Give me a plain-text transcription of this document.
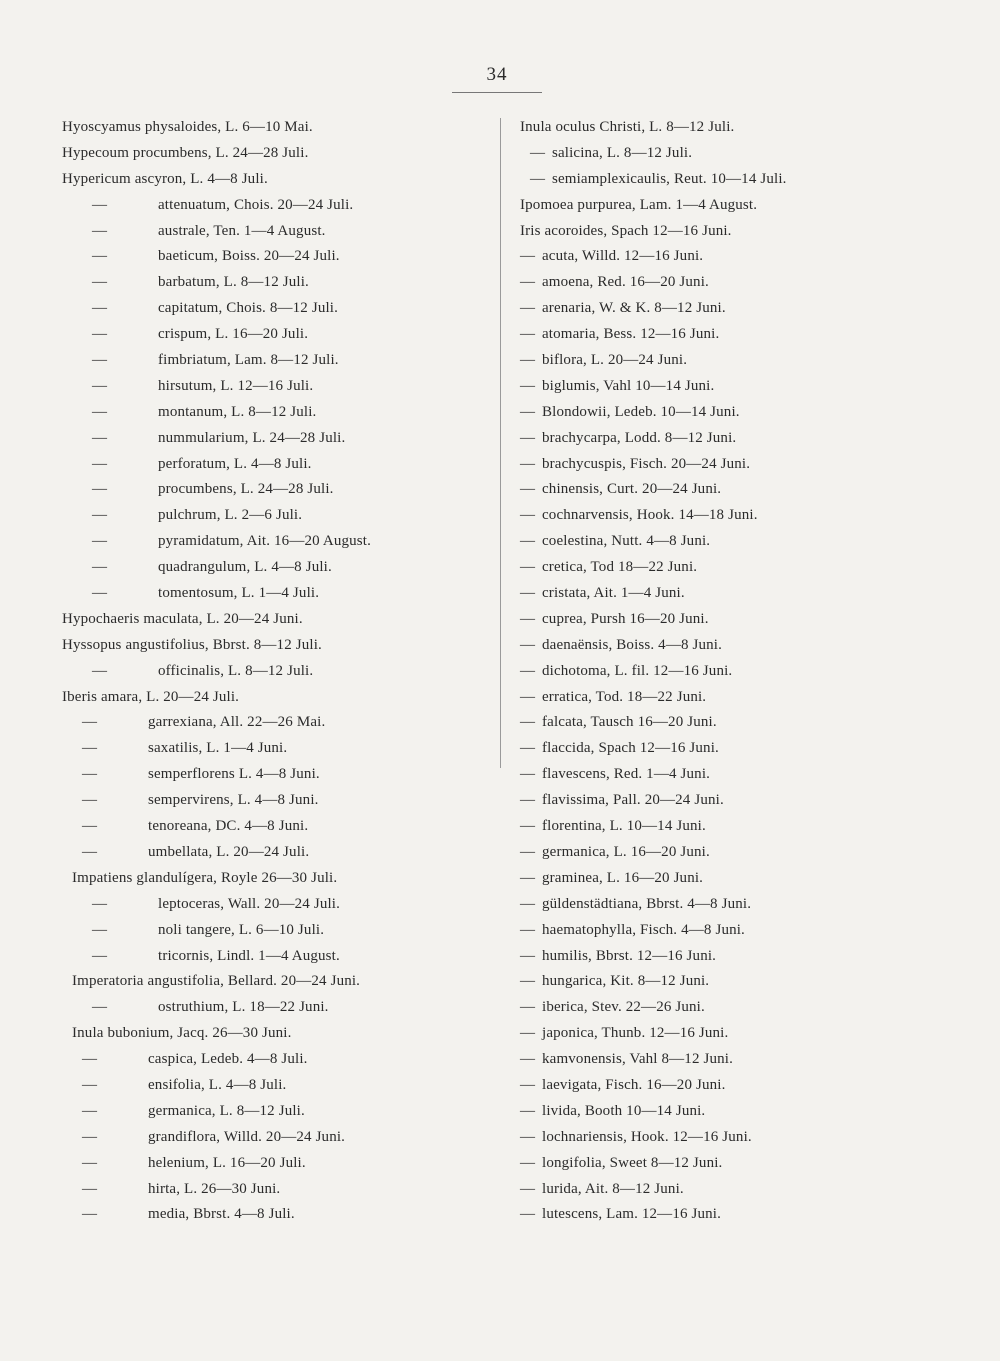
34
Hyoscyamus physaloides, L. 6—10 Mai.
Hypecoum procumbens, L. 24—28 Juli.
Hypericum ascyron, L. 4—8 Juli.
—	attenuatum, Chois. 20—24 Juli.
—	australe, Ten. 1—4 August.
—	baeticum, Boiss. 20—24 Juli.
—	barbatum, L. 8—12 Juli.
—	capitatum, Chois. 8—12 Juli.
—	crispum, L. 16—20 Juli.
—	fimbriatum, Lam. 8—12 Juli.
—	hirsutum, L. 12—16 Juli.
—	montanum, L. 8—12 Juli.
—	nummularium, L. 24—28 Juli.
—	perforatum, L. 4—8 Juli.
—	procumbens, L. 24—28 Juli.
—	pulchrum, L. 2—6 Juli.
—	pyramidatum, Ait. 16—20 August.
—	quadrangulum, L. 4—8 Juli.
—	tomentosum, L. 1—4 Juli.
Hypochaeris maculata, L. 20—24 Juni.
Hyssopus angustifolius, Bbrst. 8—12 Juli.
—	officinalis, L. 8—12 Juli.
Iberis amara, L. 20—24 Juli.
—	garrexiana, All. 22—26 Mai.
—	saxatilis, L. 1—4 Juni.
—	semperflorens L. 4—8 Juni.
—	sempervirens, L. 4—8 Juni.
—	tenoreana, DC. 4—8 Juni.
—	umbellata, L. 20—24 Juli.
Impatiens glandulígera, Royle 26—30 Juli.
—	leptoceras, Wall. 20—24 Juli.
—	noli tangere, L. 6—10 Juli.
—	tricornis, Lindl. 1—4 August.
Imperatoria angustifolia, Bellard. 20—24 Juni.
—	ostruthium, L. 18—22 Juni.
Inula bubonium, Jacq. 26—30 Juni.
—	caspica, Ledeb. 4—8 Juli.
—	ensifolia, L. 4—8 Juli.
—	germanica, L. 8—12 Juli.
—	grandiflora, Willd. 20—24 Juni.
—	helenium, L. 16—20 Juli.
—	hirta, L. 26—30 Juni.
—	media, Bbrst. 4—8 Juli.
Inula oculus Christi, L. 8—12 Juli.
— salicina, L. 8—12 Juli.
— semiamplexicaulis, Reut. 10—14 Juli.
Ipomoea purpurea, Lam. 1—4 August.
Iris acoroides, Spach 12—16 Juni.
— acuta, Willd. 12—16 Juni.
— amoena, Red. 16—20 Juni.
— arenaria, W. & K. 8—12 Juni.
— atomaria, Bess. 12—16 Juni.
— biflora, L. 20—24 Juni.
— biglumis, Vahl 10—14 Juni.
— Blondowii, Ledeb. 10—14 Juni.
— brachycarpa, Lodd. 8—12 Juni.
— brachycuspis, Fisch. 20—24 Juni.
— chinensis, Curt. 20—24 Juni.
— cochnarvensis, Hook. 14—18 Juni.
— coelestina, Nutt. 4—8 Juni.
— cretica, Tod 18—22 Juni.
— cristata, Ait. 1—4 Juni.
— cuprea, Pursh 16—20 Juni.
— daenaënsis, Boiss. 4—8 Juni.
— dichotoma, L. fil. 12—16 Juni.
— erratica, Tod. 18—22 Juni.
— falcata, Tausch 16—20 Juni.
— flaccida, Spach 12—16 Juni.
— flavescens, Red. 1—4 Juni.
— flavissima, Pall. 20—24 Juni.
— florentina, L. 10—14 Juni.
— germanica, L. 16—20 Juni.
— graminea, L. 16—20 Juni.
— güldenstädtiana, Bbrst. 4—8 Juni.
— haematophylla, Fisch. 4—8 Juni.
— humilis, Bbrst. 12—16 Juni.
— hungarica, Kit. 8—12 Juni.
— iberica, Stev. 22—26 Juni.
— japonica, Thunb. 12—16 Juni.
— kamvonensis, Vahl 8—12 Juni.
— laevigata, Fisch. 16—20 Juni.
— livida, Booth 10—14 Juni.
— lochnariensis, Hook. 12—16 Juni.
— longifolia, Sweet 8—12 Juni.
— lurida, Ait. 8—12 Juni.
— lutescens, Lam. 12—16 Juni.
